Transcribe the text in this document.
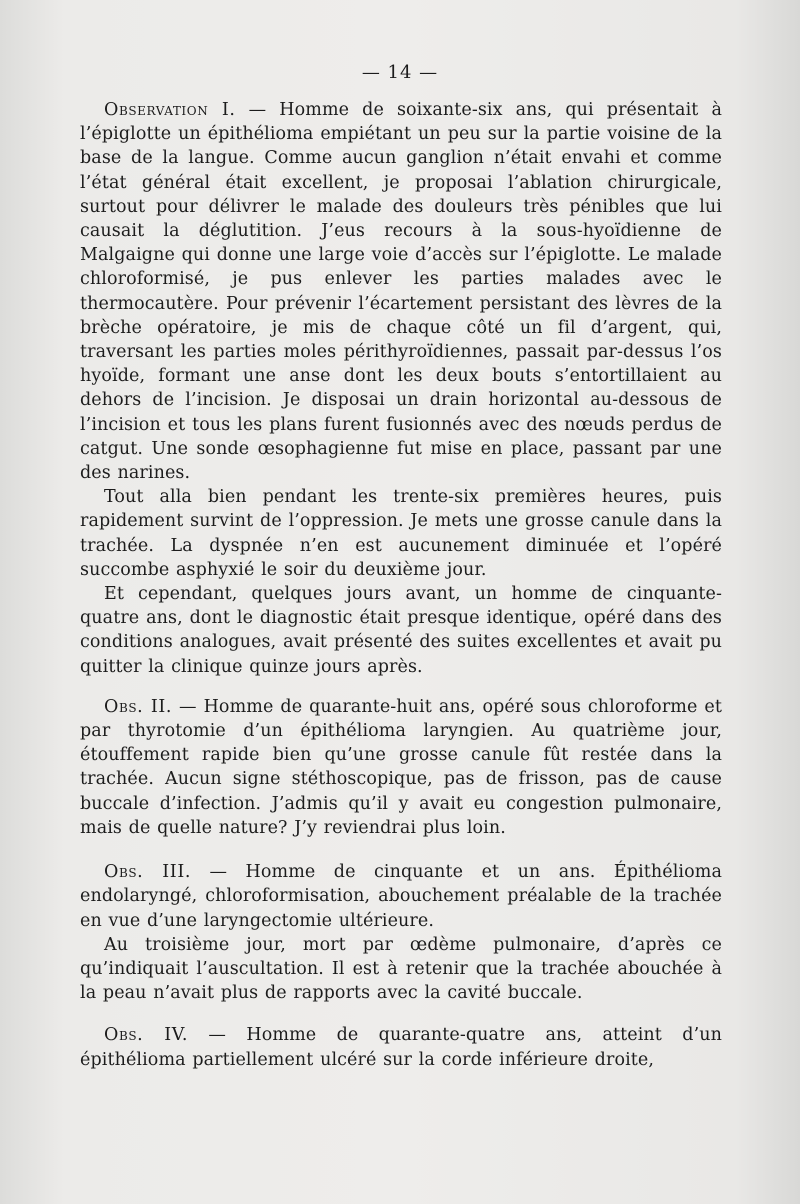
— 14 —

Observation I. — Homme de soixante-six ans, qui présentait à l’épiglotte un épithélioma empiétant un peu sur la partie voisine de la base de la langue. Comme aucun ganglion n’était envahi et comme l’état général était excellent, je proposai l’ablation chirurgicale, surtout pour délivrer le malade des douleurs très pénibles que lui causait la déglutition. J’eus recours à la sous-hyoïdienne de Malgaigne qui donne une large voie d’accès sur l’épiglotte. Le malade chloroformisé, je pus enlever les parties malades avec le thermocautère. Pour prévenir l’écartement persistant des lèvres de la brèche opératoire, je mis de chaque côté un fil d’argent, qui, traversant les parties moles périthyroïdiennes, passait par-dessus l’os hyoïde, formant une anse dont les deux bouts s’entortillaient au dehors de l’incision. Je disposai un drain horizontal au-dessous de l’incision et tous les plans furent fusionnés avec des nœuds perdus de catgut. Une sonde œsophagienne fut mise en place, passant par une des narines.

Tout alla bien pendant les trente-six premières heures, puis rapidement survint de l’oppression. Je mets une grosse canule dans la trachée. La dyspnée n’en est aucunement diminuée et l’opéré succombe asphyxié le soir du deuxième jour.

Et cependant, quelques jours avant, un homme de cinquante-quatre ans, dont le diagnostic était presque identique, opéré dans des conditions analogues, avait présenté des suites excellentes et avait pu quitter la clinique quinze jours après.

Obs. II. — Homme de quarante-huit ans, opéré sous chloroforme et par thyrotomie d’un épithélioma laryngien. Au quatrième jour, étouffement rapide bien qu’une grosse canule fût restée dans la trachée. Aucun signe stéthoscopique, pas de frisson, pas de cause buccale d’infection. J’admis qu’il y avait eu congestion pulmonaire, mais de quelle nature? J’y reviendrai plus loin.

Obs. III. — Homme de cinquante et un ans. Épithélioma endolaryngé, chloroformisation, abouchement préalable de la trachée en vue d’une laryngectomie ultérieure.

Au troisième jour, mort par œdème pulmonaire, d’après ce qu’indiquait l’auscultation. Il est à retenir que la trachée abouchée à la peau n’avait plus de rapports avec la cavité buccale.

Obs. IV. — Homme de quarante-quatre ans, atteint d’un épithélioma partiellement ulcéré sur la corde inférieure droite,
